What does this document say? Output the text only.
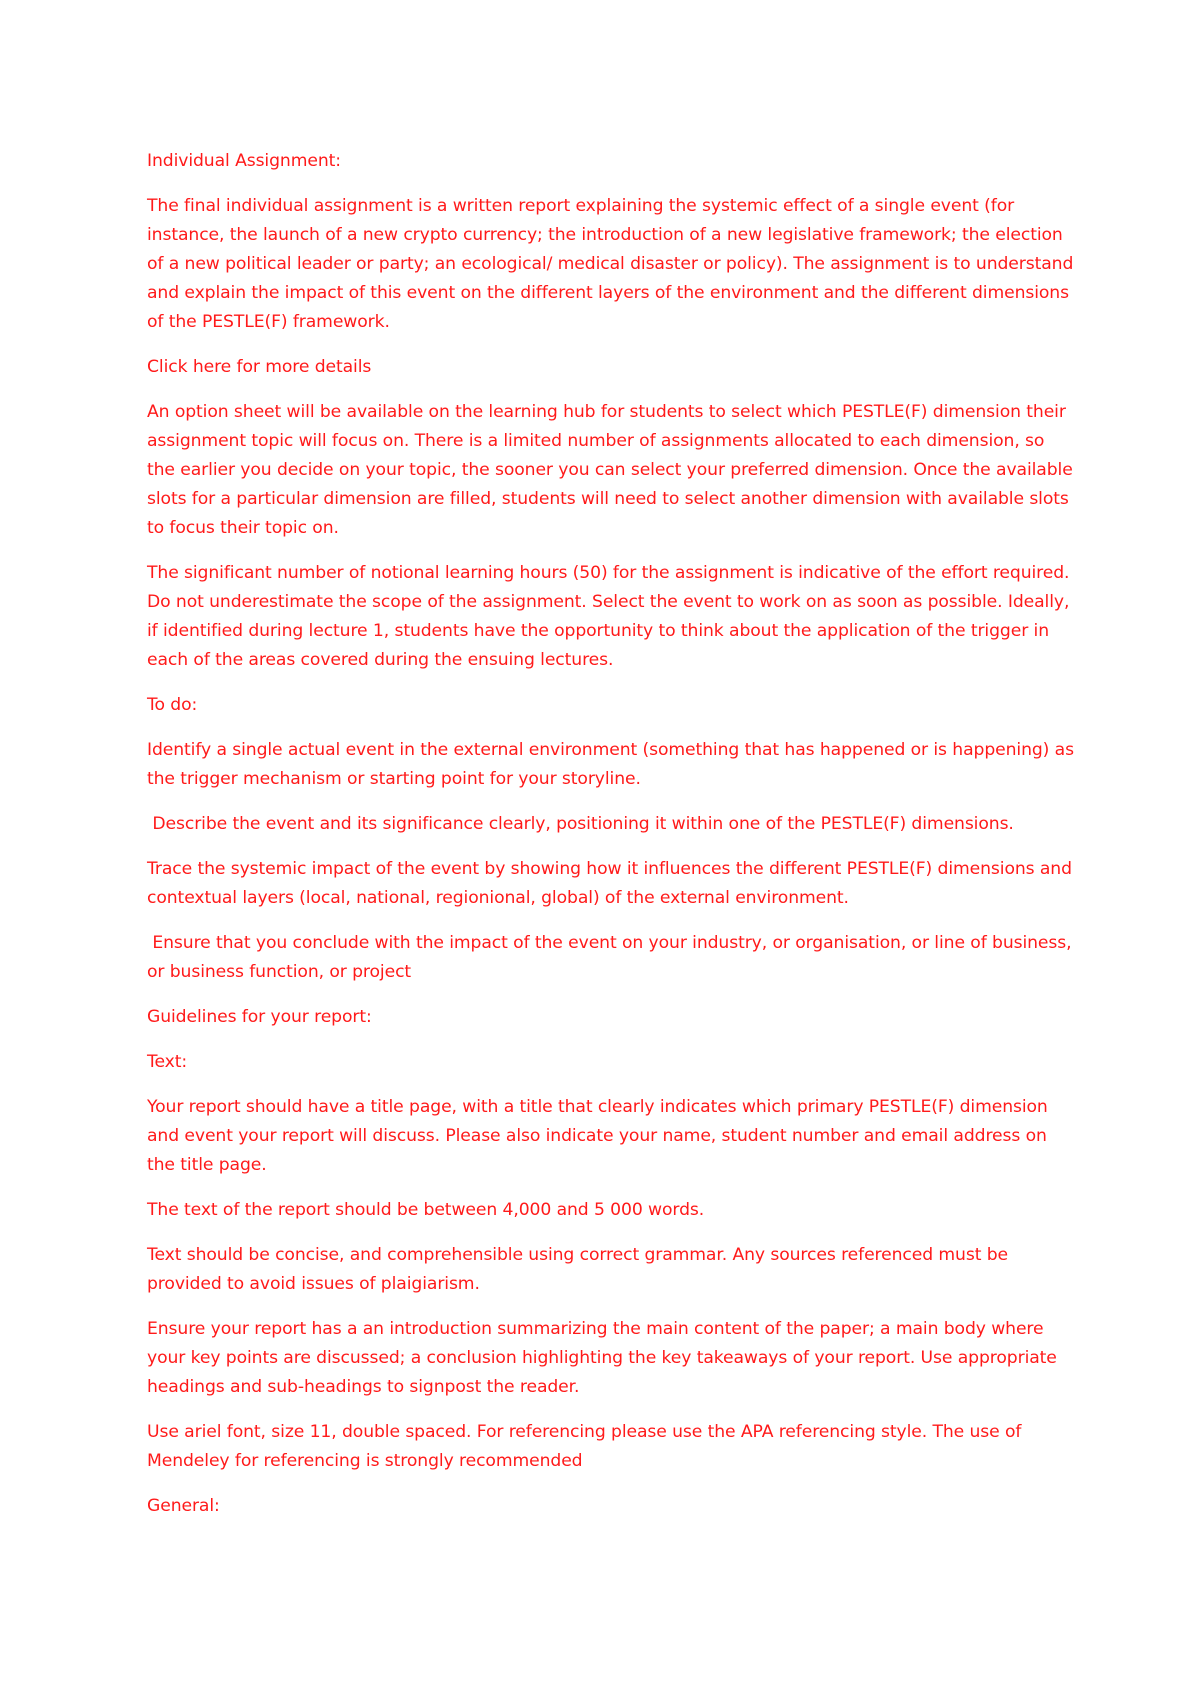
Individual Assignment:

The final individual assignment is a written report explaining the systemic effect of a single event (for instance, the launch of a new crypto currency; the introduction of a new legislative framework; the election of a new political leader or party; an ecological/ medical disaster or policy). The assignment is to understand and explain the impact of this event on the different layers of the environment and the different dimensions of the PESTLE(F) framework.

Click here for more details

An option sheet will be available on the learning hub for students to select which PESTLE(F) dimension their assignment topic will focus on. There is a limited number of assignments allocated to each dimension, so the earlier you decide on your topic, the sooner you can select your preferred dimension. Once the available slots for a particular dimension are filled, students will need to select another dimension with available slots to focus their topic on.

The significant number of notional learning hours (50) for the assignment is indicative of the effort required. Do not underestimate the scope of the assignment. Select the event to work on as soon as possible. Ideally, if identified during lecture 1, students have the opportunity to think about the application of the trigger in each of the areas covered during the ensuing lectures.

To do:

Identify a single actual event in the external environment (something that has happened or is happening) as the trigger mechanism or starting point for your storyline.

Describe the event and its significance clearly, positioning it within one of the PESTLE(F) dimensions.

Trace the systemic impact of the event by showing how it influences the different PESTLE(F) dimensions and contextual layers (local, national, regionional, global) of the external environment.

Ensure that you conclude with the impact of the event on your industry, or organisation, or line of business, or business function, or project

Guidelines for your report:

Text:

Your report should have a title page, with a title that clearly indicates which primary PESTLE(F) dimension and event your report will discuss. Please also indicate your name, student number and email address on the title page.

The text of the report should be between 4,000 and 5 000 words.

Text should be concise, and comprehensible using correct grammar. Any sources referenced must be provided to avoid issues of plaigiarism.

Ensure your report has a an introduction summarizing the main content of the paper; a main body where your key points are discussed; a conclusion highlighting the key takeaways of your report. Use appropriate headings and sub-headings to signpost the reader.

Use ariel font, size 11, double spaced. For referencing please use the APA referencing style. The use of Mendeley for referencing is strongly recommended

General:
